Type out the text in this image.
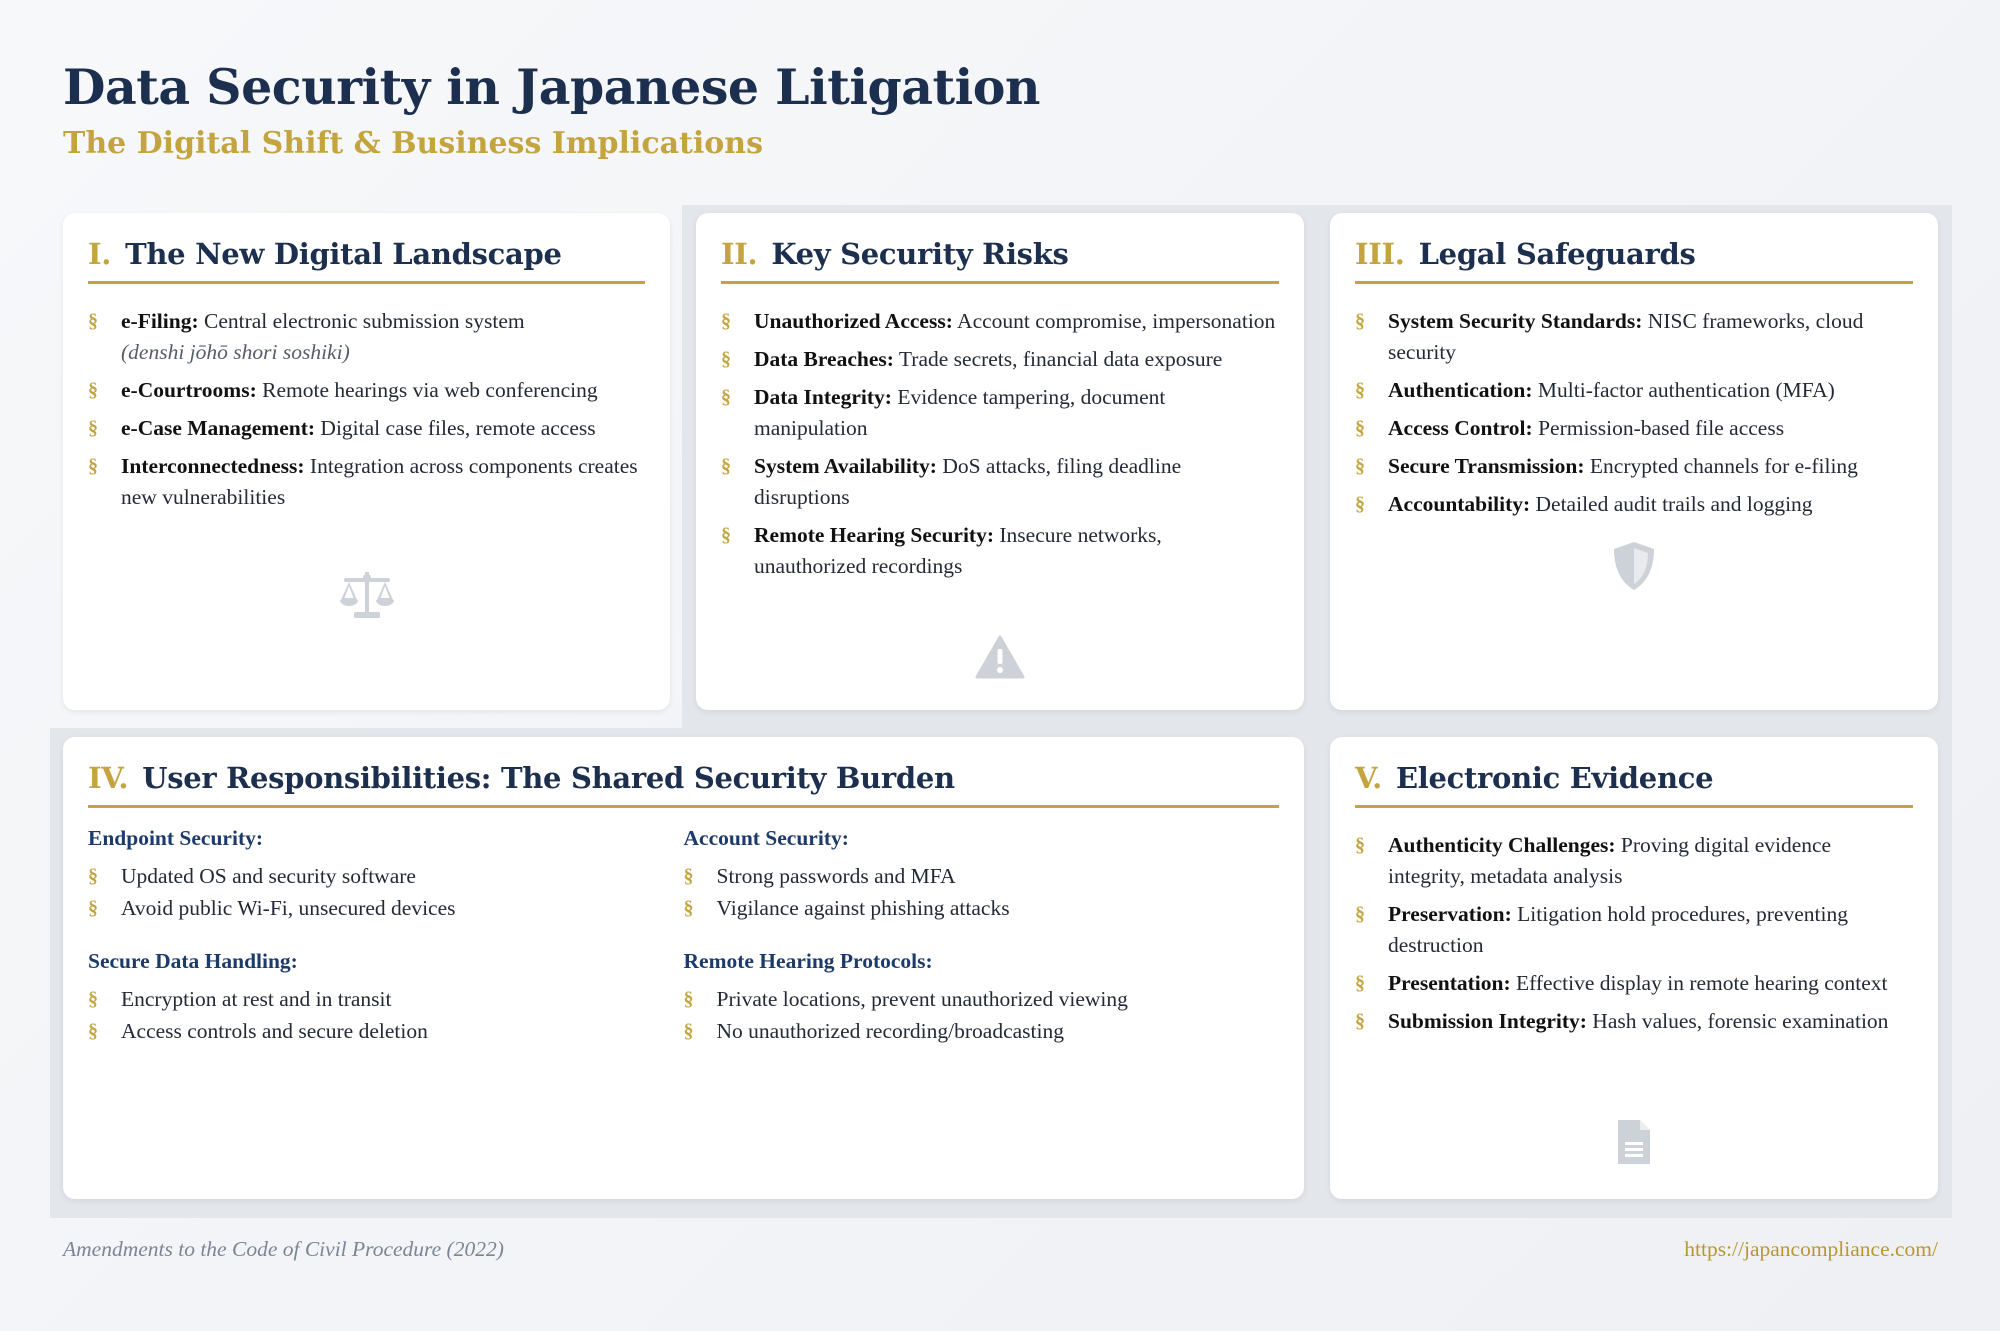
Data Security in Japanese Litigation
The Digital Shift & Business Implications
I. The New Digital Landscape
§ e-Filing: Central electronic submission system
(denshi jōhō shori soshiki)
§ e-Courtrooms: Remote hearings via web conferencing
§ e-Case Management: Digital case files, remote access
§ Interconnectedness: Integration across components creates new vulnerabilities
II. Key Security Risks
§ Unauthorized Access: Account compromise, impersonation
§ Data Breaches: Trade secrets, financial data exposure
§ Data Integrity: Evidence tampering, document manipulation
§ System Availability: DoS attacks, filing deadline disruptions
§ Remote Hearing Security: Insecure networks, unauthorized recordings
III. Legal Safeguards
§ System Security Standards: NISC frameworks, cloud security
§ Authentication: Multi-factor authentication (MFA)
§ Access Control: Permission-based file access
§ Secure Transmission: Encrypted channels for e-filing
§ Accountability: Detailed audit trails and logging
IV. User Responsibilities: The Shared Security Burden
Endpoint Security:
§ Updated OS and security software
§ Avoid public Wi-Fi, unsecured devices
Secure Data Handling:
§ Encryption at rest and in transit
§ Access controls and secure deletion
Account Security:
§ Strong passwords and MFA
§ Vigilance against phishing attacks
Remote Hearing Protocols:
§ Private locations, prevent unauthorized viewing
§ No unauthorized recording/broadcasting
V. Electronic Evidence
§ Authenticity Challenges: Proving digital evidence integrity, metadata analysis
§ Preservation: Litigation hold procedures, preventing destruction
§ Presentation: Effective display in remote hearing context
§ Submission Integrity: Hash values, forensic examination
Amendments to the Code of Civil Procedure (2022)	https://japancompliance.com/
